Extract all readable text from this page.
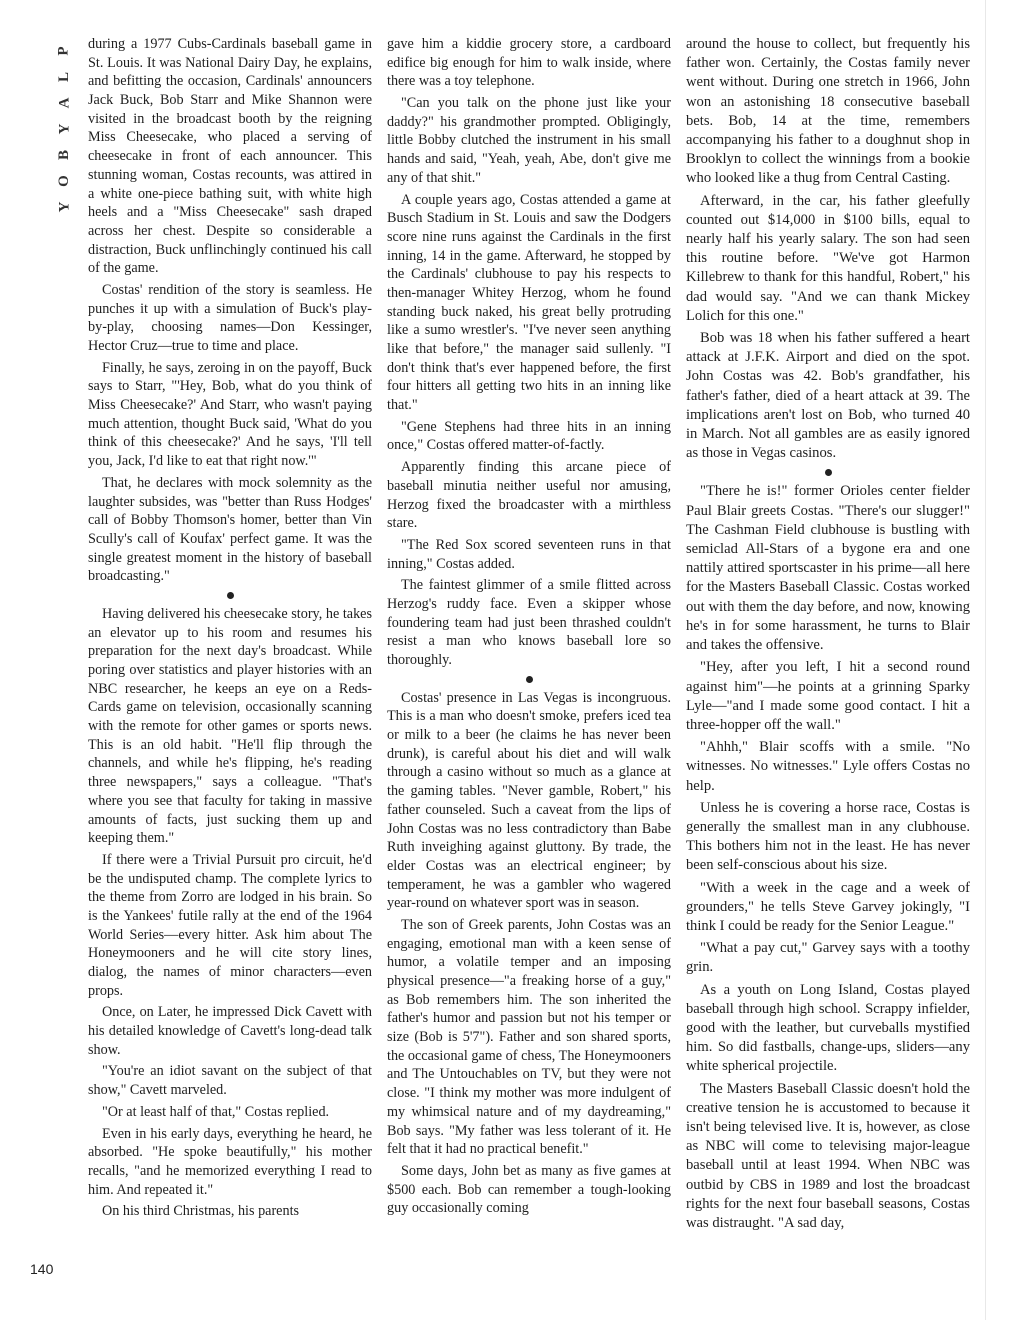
P
L
A
Y
B
O
Y

during a 1977 Cubs-Cardinals baseball game in St. Louis. It was National Dairy Day, he explains, and befitting the occasion, Cardinals' announcers Jack Buck, Bob Starr and Mike Shannon were visited in the broadcast booth by the reigning Miss Cheesecake, who placed a serving of cheesecake in front of each announcer. This stunning woman, Costas recounts, was attired in a white one-piece bathing suit, with white high heels and a "Miss Cheesecake" sash draped across her chest. Despite so considerable a distraction, Buck unflinchingly continued his call of the game.

Costas' rendition of the story is seamless. He punches it up with a simulation of Buck's play-by-play, choosing names—Don Kessinger, Hector Cruz—true to time and place.

Finally, he says, zeroing in on the payoff, Buck says to Starr, "'Hey, Bob, what do you think of Miss Cheesecake?' And Starr, who wasn't paying much attention, thought Buck said, 'What do you think of this cheesecake?' And he says, 'I'll tell you, Jack, I'd like to eat that right now.'"

That, he declares with mock solemnity as the laughter subsides, was "better than Russ Hodges' call of Bobby Thomson's homer, better than Vin Scully's call of Koufax' perfect game. It was the single greatest moment in the history of baseball broadcasting."

Having delivered his cheesecake story, he takes an elevator up to his room and resumes his preparation for the next day's broadcast. While poring over statistics and player histories with an NBC researcher, he keeps an eye on a Reds-Cards game on television, occasionally scanning with the remote for other games or sports news. This is an old habit. "He'll flip through the channels, and while he's flipping, he's reading three newspapers," says a colleague. "That's where you see that faculty for taking in massive amounts of facts, just sucking them up and keeping them."

If there were a Trivial Pursuit pro circuit, he'd be the undisputed champ. The complete lyrics to the theme from Zorro are lodged in his brain. So is the Yankees' futile rally at the end of the 1964 World Series—every hitter. Ask him about The Honeymooners and he will cite story lines, dialog, the names of minor characters—even props.

Once, on Later, he impressed Dick Cavett with his detailed knowledge of Cavett's long-dead talk show.

"You're an idiot savant on the subject of that show," Cavett marveled.

"Or at least half of that," Costas replied.

Even in his early days, everything he heard, he absorbed. "He spoke beautifully," his mother recalls, "and he memorized everything I read to him. And repeated it."

On his third Christmas, his parents

gave him a kiddie grocery store, a cardboard edifice big enough for him to walk inside, where there was a toy telephone.

"Can you talk on the phone just like your daddy?" his grandmother prompted. Obligingly, little Bobby clutched the instrument in his small hands and said, "Yeah, yeah, Abe, don't give me any of that shit."

A couple years ago, Costas attended a game at Busch Stadium in St. Louis and saw the Dodgers score nine runs against the Cardinals in the first inning, 14 in the game. Afterward, he stopped by the Cardinals' clubhouse to pay his respects to then-manager Whitey Herzog, whom he found standing buck naked, his great belly protruding like a sumo wrestler's. "I've never seen anything like that before," the manager said sullenly. "I don't think that's ever happened before, the first four hitters all getting two hits in an inning like that."

"Gene Stephens had three hits in an inning once," Costas offered matter-of-factly.

Apparently finding this arcane piece of baseball minutia neither useful nor amusing, Herzog fixed the broadcaster with a mirthless stare.

"The Red Sox scored seventeen runs in that inning," Costas added.

The faintest glimmer of a smile flitted across Herzog's ruddy face. Even a skipper whose foundering team had just been thrashed couldn't resist a man who knows baseball lore so thoroughly.

Costas' presence in Las Vegas is incongruous. This is a man who doesn't smoke, prefers iced tea or milk to a beer (he claims he has never been drunk), is careful about his diet and will walk through a casino without so much as a glance at the gaming tables. "Never gamble, Robert," his father counseled. Such a caveat from the lips of John Costas was no less contradictory than Babe Ruth inveighing against gluttony. By trade, the elder Costas was an electrical engineer; by temperament, he was a gambler who wagered year-round on whatever sport was in season.

The son of Greek parents, John Costas was an engaging, emotional man with a keen sense of humor, a volatile temper and an imposing physical presence—"a freaking horse of a guy," as Bob remembers him. The son inherited the father's humor and passion but not his temper or size (Bob is 5'7"). Father and son shared sports, the occasional game of chess, The Honeymooners and The Untouchables on TV, but they were not close. "I think my mother was more indulgent of my whimsical nature and of my daydreaming," Bob says. "My father was less tolerant of it. He felt that it had no practical benefit."

Some days, John bet as many as five games at $500 each. Bob can remember a tough-looking guy occasionally coming

around the house to collect, but frequently his father won. Certainly, the Costas family never went without. During one stretch in 1966, John won an astonishing 18 consecutive baseball bets. Bob, 14 at the time, remembers accompanying his father to a doughnut shop in Brooklyn to collect the winnings from a bookie who looked like a thug from Central Casting.

Afterward, in the car, his father gleefully counted out $14,000 in $100 bills, equal to nearly half his yearly salary. The son had seen this routine before. "We've got Harmon Killebrew to thank for this handful, Robert," his dad would say. "And we can thank Mickey Lolich for this one."

Bob was 18 when his father suffered a heart attack at J.F.K. Airport and died on the spot. John Costas was 42. Bob's grandfather, his father's father, died of a heart attack at 39. The implications aren't lost on Bob, who turned 40 in March. Not all gambles are as easily ignored as those in Vegas casinos.

"There he is!" former Orioles center fielder Paul Blair greets Costas. "There's our slugger!" The Cashman Field clubhouse is bustling with semiclad All-Stars of a bygone era and one nattily attired sportscaster in his prime—all here for the Masters Baseball Classic. Costas worked out with them the day before, and now, knowing he's in for some harassment, he turns to Blair and takes the offensive.

"Hey, after you left, I hit a second round against him"—he points at a grinning Sparky Lyle—"and I made some good contact. I hit a three-hopper off the wall."

"Ahhh," Blair scoffs with a smile. "No witnesses. No witnesses." Lyle offers Costas no help.

Unless he is covering a horse race, Costas is generally the smallest man in any clubhouse. This bothers him not in the least. He has never been self-conscious about his size.

"With a week in the cage and a week of grounders," he tells Steve Garvey jokingly, "I think I could be ready for the Senior League."

"What a pay cut," Garvey says with a toothy grin.

As a youth on Long Island, Costas played baseball through high school. Scrappy infielder, good with the leather, but curveballs mystified him. So did fastballs, change-ups, sliders—any white spherical projectile.

The Masters Baseball Classic doesn't hold the creative tension he is accustomed to because it isn't being televised live. It is, however, as close as NBC will come to televising major-league baseball until at least 1994. When NBC was outbid by CBS in 1989 and lost the broadcast rights for the next four baseball seasons, Costas was distraught. "A sad day,

140
